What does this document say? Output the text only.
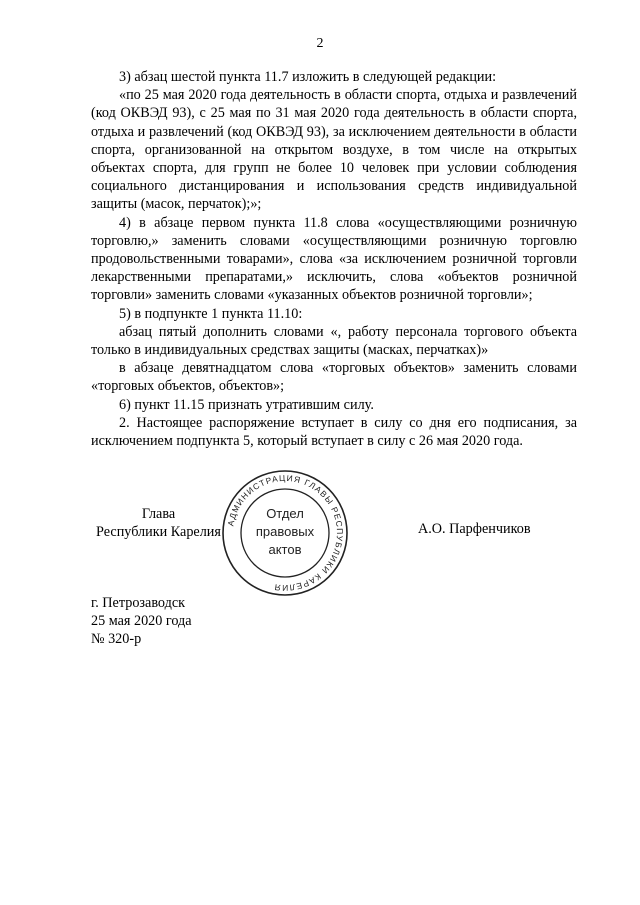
2

3) абзац шестой пункта 11.7 изложить в следующей редакции:

«по 25 мая 2020 года деятельность в области спорта, отдыха и развлечений (код ОКВЭД 93), с 25 мая по 31 мая 2020 года деятельность в области спорта, отдыха и развлечений (код ОКВЭД 93), за исключением деятельности в области спорта, организованной на открытом воздухе, в том числе на открытых объектах спорта, для групп не более 10 человек при условии соблюдения социального дистанцирования и использования средств индивидуальной защиты (масок, перчаток);»;

4) в абзаце первом пункта 11.8 слова «осуществляющими розничную торговлю,» заменить словами «осуществляющими розничную торговлю продовольственными товарами», слова «за исключением розничной торговли лекарственными препаратами,» исключить, слова «объектов розничной торговли» заменить словами «указанных объектов розничной торговли»;

5) в подпункте 1 пункта 11.10:

абзац пятый дополнить словами «, работу персонала торгового объекта только в индивидуальных средствах защиты (масках, перчатках)»

в абзаце девятнадцатом слова «торговых объектов» заменить словами «торговых объектов, объектов»;

6) пункт 11.15 признать утратившим силу.

2. Настоящее распоряжение вступает в силу со дня его подписания, за исключением подпункта 5, который вступает в силу с 26 мая 2020 года.

Глава
Республики Карелия
АДМИНИСТРАЦИЯ ГЛАВЫ РЕСПУБЛИКИ КАРЕЛИЯ
Отдел
правовых
актов
А.О. Парфенчиков
г. Петрозаводск
25 мая 2020 года
№ 320-р
